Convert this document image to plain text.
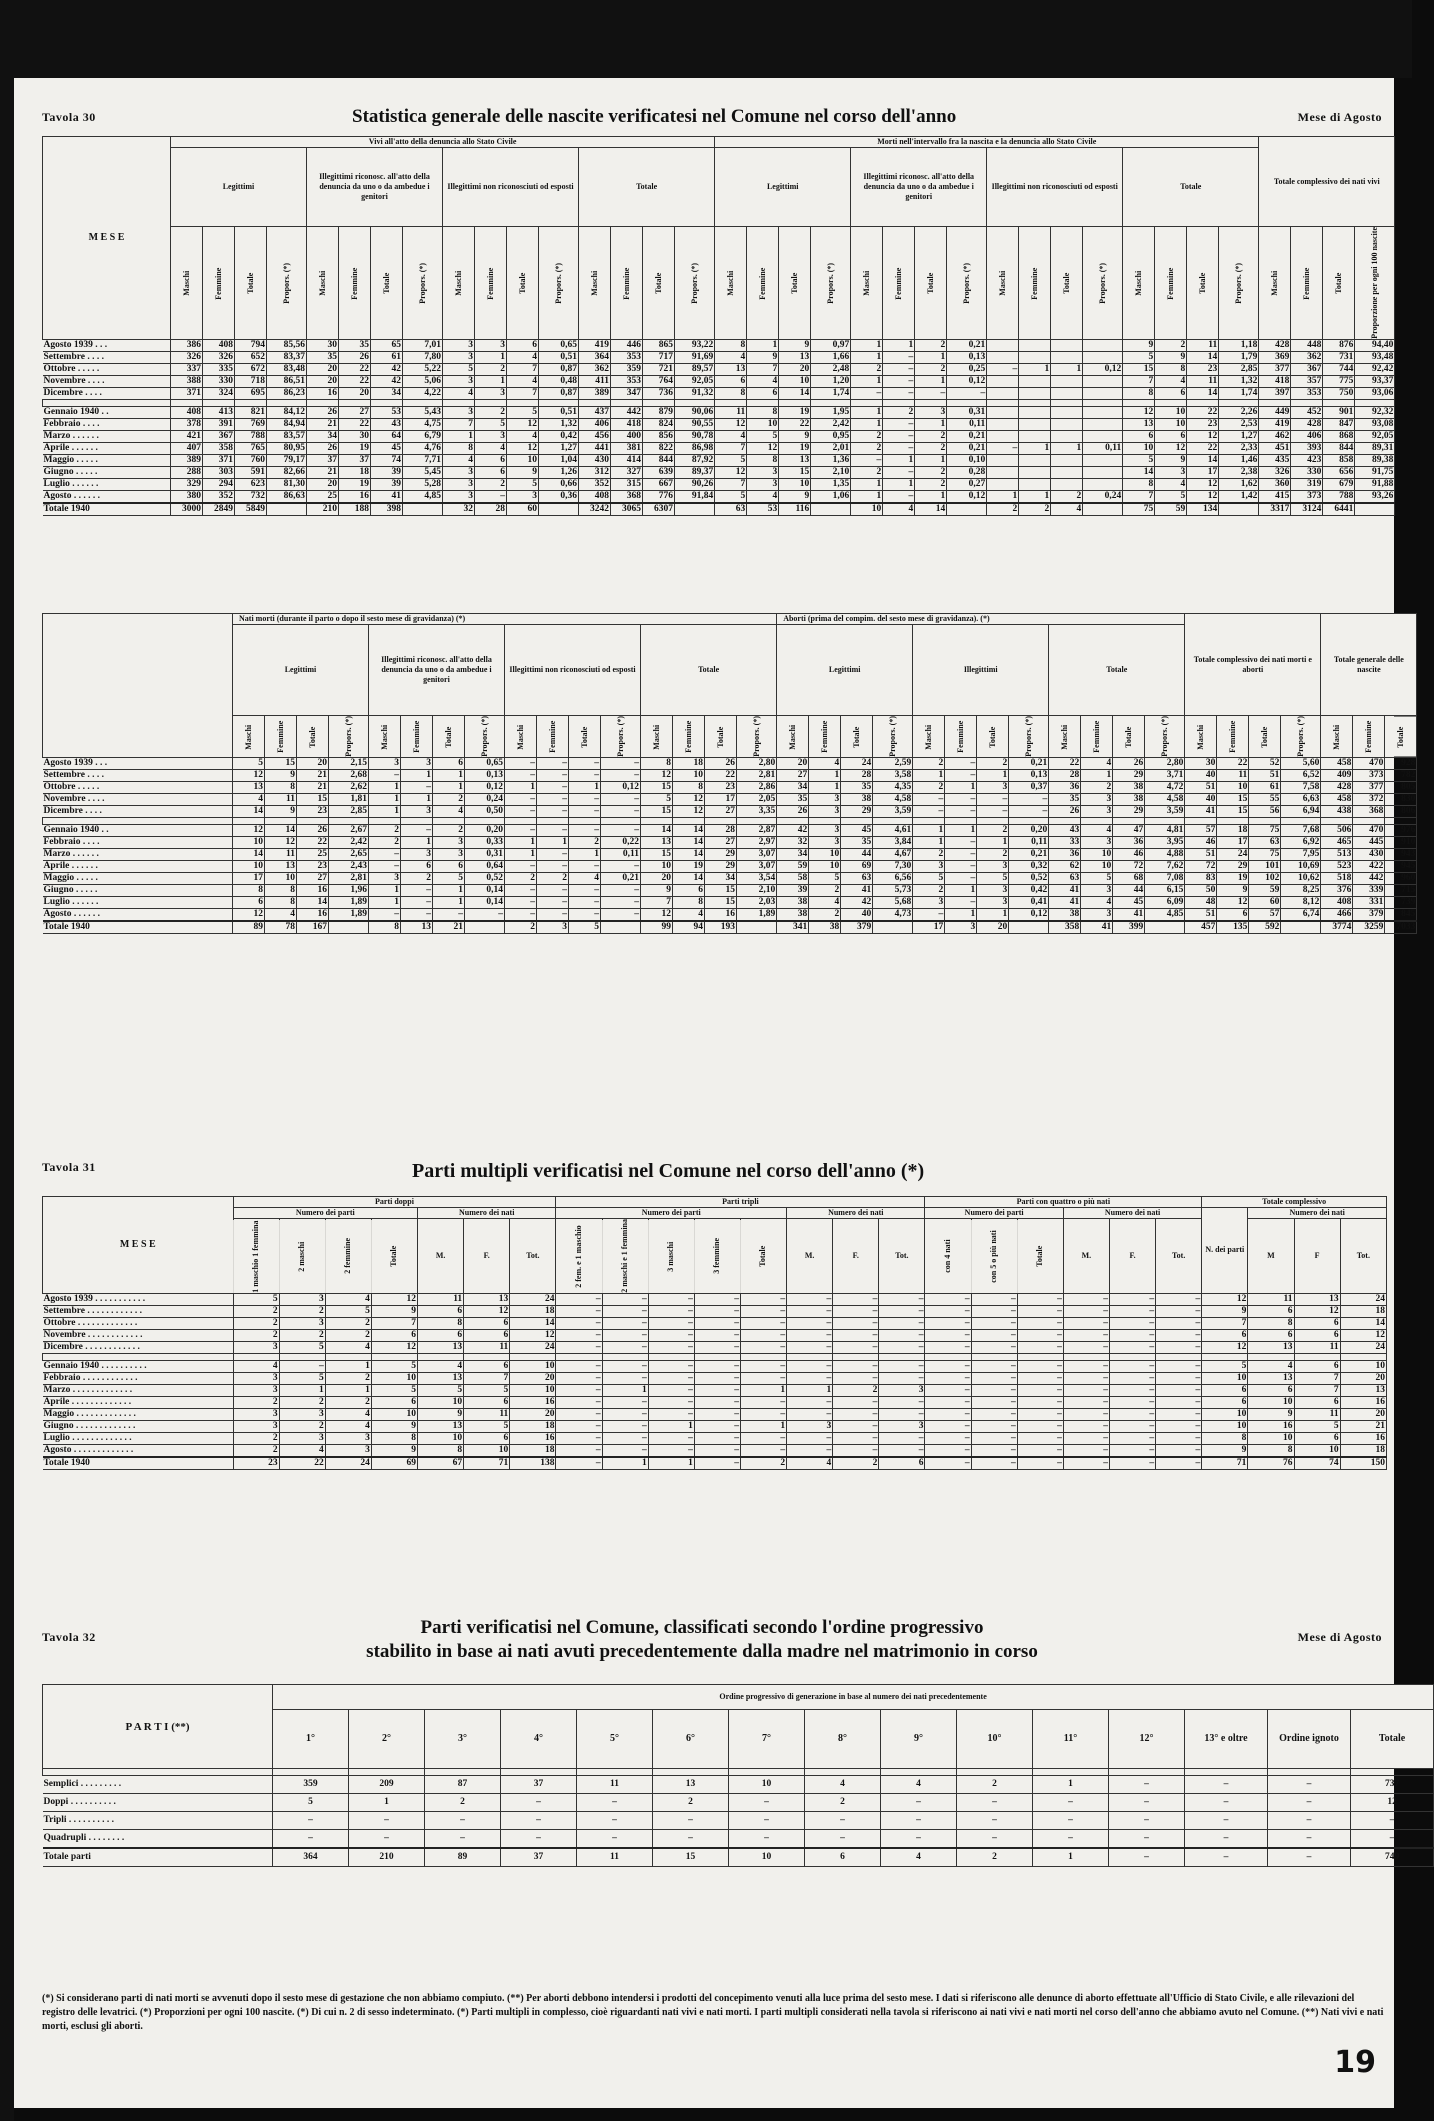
Tavola 30	Statistica generale delle nascite verificatesi nel Comune nel corso dell'anno	Mese di Agosto
M E S E	Vivi all'atto della denuncia allo Stato Civile																Morti nell'intervallo fra la nascita e la denuncia allo Stato Civile																Totale complessivo dei nati vivi			
	Legittimi				Illegittimi riconosc. all'atto della denuncia da uno o da ambedue i genitori				Illegittimi non riconosciuti od esposti				Totale				Legittimi				Illegittimi riconosc. all'atto della denuncia da uno o da ambedue i genitori				Illegittimi non riconosciuti od esposti				Totale							
	Maschi	Femmine	Totale	Propors. (*)	Maschi	Femmine	Totale	Propors. (*)	Maschi	Femmine	Totale	Propors. (*)	Maschi	Femmine	Totale	Propors. (*)	Maschi	Femmine	Totale	Propors. (*)	Maschi	Femmine	Totale	Propors. (*)	Maschi	Femmine	Totale	Propors. (*)	Maschi	Femmine	Totale	Propors. (*)	Maschi	Femmine	Totale	Proporzione per ogni 100 nascite
Agosto 1939 . . .	386	408	794	85,56	30	35	65	7,01	3	3	6	0,65	419	446	865	93,22	8	1	9	0,97	1	1	2	0,21					9	2	11	1,18	428	448	876	94,40
Settembre . . . .	326	326	652	83,37	35	26	61	7,80	3	1	4	0,51	364	353	717	91,69	4	9	13	1,66	1	–	1	0,13					5	9	14	1,79	369	362	731	93,48
Ottobre . . . . .	337	335	672	83,48	20	22	42	5,22	5	2	7	0,87	362	359	721	89,57	13	7	20	2,48	2	–	2	0,25	–	1	1	0,12	15	8	23	2,85	377	367	744	92,42
Novembre . . . .	388	330	718	86,51	20	22	42	5,06	3	1	4	0,48	411	353	764	92,05	6	4	10	1,20	1	–	1	0,12					7	4	11	1,32	418	357	775	93,37
Dicembre . . . .	371	324	695	86,23	16	20	34	4,22	4	3	7	0,87	389	347	736	91,32	8	6	14	1,74	–	–	–	–					8	6	14	1,74	397	353	750	93,06

Gennaio 1940 . .	408	413	821	84,12	26	27	53	5,43	3	2	5	0,51	437	442	879	90,06	11	8	19	1,95	1	2	3	0,31					12	10	22	2,26	449	452	901	92,32
Febbraio . . . .	378	391	769	84,94	21	22	43	4,75	7	5	12	1,32	406	418	824	90,55	12	10	22	2,42	1	–	1	0,11					13	10	23	2,53	419	428	847	93,08
Marzo . . . . . .	421	367	788	83,57	34	30	64	6,79	1	3	4	0,42	456	400	856	90,78	4	5	9	0,95	2	–	2	0,21					6	6	12	1,27	462	406	868	92,05
Aprile . . . . . .	407	358	765	80,95	26	19	45	4,76	8	4	12	1,27	441	381	822	86,98	7	12	19	2,01	2	–	2	0,21	–	1	1	0,11	10	12	22	2,33	451	393	844	89,31
Maggio . . . . .	389	371	760	79,17	37	37	74	7,71	4	6	10	1,04	430	414	844	87,92	5	8	13	1,36	–	1	1	0,10					5	9	14	1,46	435	423	858	89,38
Giugno . . . . .	288	303	591	82,66	21	18	39	5,45	3	6	9	1,26	312	327	639	89,37	12	3	15	2,10	2	–	2	0,28					14	3	17	2,38	326	330	656	91,75
Luglio . . . . . .	329	294	623	81,30	20	19	39	5,28	3	2	5	0,66	352	315	667	90,26	7	3	10	1,35	1	1	2	0,27					8	4	12	1,62	360	319	679	91,88
Agosto . . . . . .	380	352	732	86,63	25	16	41	4,85	3	–	3	0,36	408	368	776	91,84	5	4	9	1,06	1	–	1	0,12	1	1	2	0,24	7	5	12	1,42	415	373	788	93,26
Totale 1940	3000	2849	5849		210	188	398		32	28	60		3242	3065	6307		63	53	116		10	4	14		2	2	4		75	59	134		3317	3124	6441	
	Nati morti (durante il parto o dopo il sesto mese di gravidanza) (*)																Aborti (prima del compim. del sesto mese di gravidanza). (*)												Totale complessivo dei nati morti e aborti				Totale generale delle nascite		
	Legittimi				Illegittimi riconosc. all'atto della denuncia da uno o da ambedue i genitori				Illegittimi non riconosciuti od esposti				Totale				Legittimi				Illegittimi				Totale										
	Maschi	Femmine	Totale	Propors. (*)	Maschi	Femmine	Totale	Propors. (*)	Maschi	Femmine	Totale	Propors. (*)	Maschi	Femmine	Totale	Propors. (*)	Maschi	Femmine	Totale	Propors. (*)	Maschi	Femmine	Totale	Propors. (*)	Maschi	Femmine	Totale	Propors. (*)	Maschi	Femmine	Totale	Propors. (*)	Maschi	Femmine	Totale
Agosto 1939 . . .	5	15	20	2,15	3	3	6	0,65	–	–	–	–	8	18	26	2,80	20	4	24	2,59	2	–	2	0,21	22	4	26	2,80	30	22	52	5,60	458	470	928
Settembre . . . .	12	9	21	2,68	–	1	1	0,13	–	–	–	–	12	10	22	2,81	27	1	28	3,58	1	–	1	0,13	28	1	29	3,71	40	11	51	6,52	409	373	782
Ottobre . . . . .	13	8	21	2,62	1	–	1	0,12	1	–	1	0,12	15	8	23	2,86	34	1	35	4,35	2	1	3	0,37	36	2	38	4,72	51	10	61	7,58	428	377	805
Novembre . . . .	4	11	15	1,81	1	1	2	0,24	–	–	–	–	5	12	17	2,05	35	3	38	4,58	–	–	–	–	35	3	38	4,58	40	15	55	6,63	458	372	830
Dicembre . . . .	14	9	23	2,85	1	3	4	0,50	–	–	–	–	15	12	27	3,35	26	3	29	3,59	–	–	–	–	26	3	29	3,59	41	15	56	6,94	438	368	806

Gennaio 1940 . .	12	14	26	2,67	2	–	2	0,20	–	–	–	–	14	14	28	2,87	42	3	45	4,61	1	1	2	0,20	43	4	47	4,81	57	18	75	7,68	506	470	976
Febbraio . . . .	10	12	22	2,42	2	1	3	0,33	1	1	2	0,22	13	14	27	2,97	32	3	35	3,84	1	–	1	0,11	33	3	36	3,95	46	17	63	6,92	465	445	910
Marzo . . . . . .	14	11	25	2,65	–	3	3	0,31	1	–	1	0,11	15	14	29	3,07	34	10	44	4,67	2	–	2	0,21	36	10	46	4,88	51	24	75	7,95	513	430	943
Aprile . . . . . .	10	13	23	2,43	–	6	6	0,64	–	–	–	–	10	19	29	3,07	59	10	69	7,30	3	–	3	0,32	62	10	72	7,62	72	29	101	10,69	523	422	945
Maggio . . . . .	17	10	27	2,81	3	2	5	0,52	2	2	4	0,21	20	14	34	3,54	58	5	63	6,56	5	–	5	0,52	63	5	68	7,08	83	19	102	10,62	518	442	960
Giugno . . . . .	8	8	16	1,96	1	–	1	0,14	–	–	–	–	9	6	15	2,10	39	2	41	5,73	2	1	3	0,42	41	3	44	6,15	50	9	59	8,25	376	339	715
Luglio . . . . . .	6	8	14	1,89	1	–	1	0,14	–	–	–	–	7	8	15	2,03	38	4	42	5,68	3	–	3	0,41	41	4	45	6,09	48	12	60	8,12	408	331	739
Agosto . . . . . .	12	4	16	1,89	–	–	–	–	–	–	–	–	12	4	16	1,89	38	2	40	4,73	–	1	1	0,12	38	3	41	4,85	51	6	57	6,74	466	379	845
Totale 1940	89	78	167		8	13	21		2	3	5		99	94	193		341	38	379		17	3	20		358	41	399		457	135	592		3774	3259	7033
Tavola 31	Parti multipli verificatisi nel Comune nel corso dell'anno (*)
M E S E	Parti doppi							Parti tripli								Parti con quattro o più nati						Totale complessivo			
	Numero dei parti				Numero dei nati			Numero dei parti					Numero dei nati			Numero dei parti			Numero dei nati			N. dei parti	Numero dei nati		
	1 maschio 1 femmina	2 maschi	2 femmine	Totale	M.	F.	Tot.	2 fem. e 1 maschio	2 maschi e 1 femmina	3 maschi	3 femmine	Totale	M.	F.	Tot.	con 4 nati	con 5 o più nati	Totale	M.	F.	Tot.		M	F	Tot.
Agosto 1939 . . . . . . . . . . .	5	3	4	12	11	13	24	–	–	–	–	–	–	–	–	–	–	–	–	–	–	12	11	13	24
Settembre . . . . . . . . . . . .	2	2	5	9	6	12	18	–	–	–	–	–	–	–	–	–	–	–	–	–	–	9	6	12	18
Ottobre . . . . . . . . . . . . .	2	3	2	7	8	6	14	–	–	–	–	–	–	–	–	–	–	–	–	–	–	7	8	6	14
Novembre . . . . . . . . . . . .	2	2	2	6	6	6	12	–	–	–	–	–	–	–	–	–	–	–	–	–	–	6	6	6	12
Dicembre . . . . . . . . . . . .	3	5	4	12	13	11	24	–	–	–	–	–	–	–	–	–	–	–	–	–	–	12	13	11	24

Gennaio 1940 . . . . . . . . . .	4	–	1	5	4	6	10	–	–	–	–	–	–	–	–	–	–	–	–	–	–	5	4	6	10
Febbraio . . . . . . . . . . . .	3	5	2	10	13	7	20	–	–	–	–	–	–	–	–	–	–	–	–	–	–	10	13	7	20
Marzo . . . . . . . . . . . . .	3	1	1	5	5	5	10	–	1	–	–	1	1	2	3	–	–	–	–	–	–	6	6	7	13
Aprile . . . . . . . . . . . . .	2	2	2	6	10	6	16	–	–	–	–	–	–	–	–	–	–	–	–	–	–	6	10	6	16
Maggio . . . . . . . . . . . . .	3	3	4	10	9	11	20	–	–	–	–	–	–	–	–	–	–	–	–	–	–	10	9	11	20
Giugno . . . . . . . . . . . . .	3	2	4	9	13	5	18	–	–	1	–	1	3	–	3	–	–	–	–	–	–	10	16	5	21
Luglio . . . . . . . . . . . . .	2	3	3	8	10	6	16	–	–	–	–	–	–	–	–	–	–	–	–	–	–	8	10	6	16
Agosto . . . . . . . . . . . . .	2	4	3	9	8	10	18	–	–	–	–	–	–	–	–	–	–	–	–	–	–	9	8	10	18
Totale 1940	23	22	24	69	67	71	138	–	1	1	–	2	4	2	6	–	–	–	–	–	–	71	76	74	150
Tavola 32	Parti verificatisi nel Comune, classificati secondo l'ordine progressivo
stabilito in base ai nati avuti precedentemente dalla madre nel matrimonio in corso
Mese di Agosto
P A R T I (**)	Ordine progressivo di generazione in base al numero dei nati precedentemente														
	1°	2°	3°	4°	5°	6°	7°	8°	9°	10°	11°	12°	13° e oltre	Ordine ignoto	Totale

Semplici . . . . . . . . .	359	209	87	37	11	13	10	4	4	2	1	–	–	–	737
Doppi . . . . . . . . . .	5	1	2	–	–	2	–	2	–	–	–	–	–	–	12
Tripli . . . . . . . . . .	–	–	–	–	–	–	–	–	–	–	–	–	–	–	–
Quadrupli . . . . . . . .	–	–	–	–	–	–	–	–	–	–	–	–	–	–	–
Totale parti	364	210	89	37	11	15	10	6	4	2	1	–	–	–	749
(*) Si considerano parti di nati morti se avvenuti dopo il sesto mese di gestazione che non abbiamo compiuto. (**) Per aborti debbono intendersi i prodotti del concepimento venuti alla luce prima del sesto mese. I dati si riferiscono alle denunce di aborto effettuate all'Ufficio di Stato Civile, e alle rilevazioni del registro delle levatrici. (*) Proporzioni per ogni 100 nascite. (*) Di cui n. 2 di sesso indeterminato. (*) Parti multipli in complesso, cioè riguardanti nati vivi e nati morti. I parti multipli considerati nella tavola si riferiscono ai nati vivi e nati morti nel corso dell'anno che abbiamo avuto nel Comune. (**) Nati vivi e nati morti, esclusi gli aborti.
19
